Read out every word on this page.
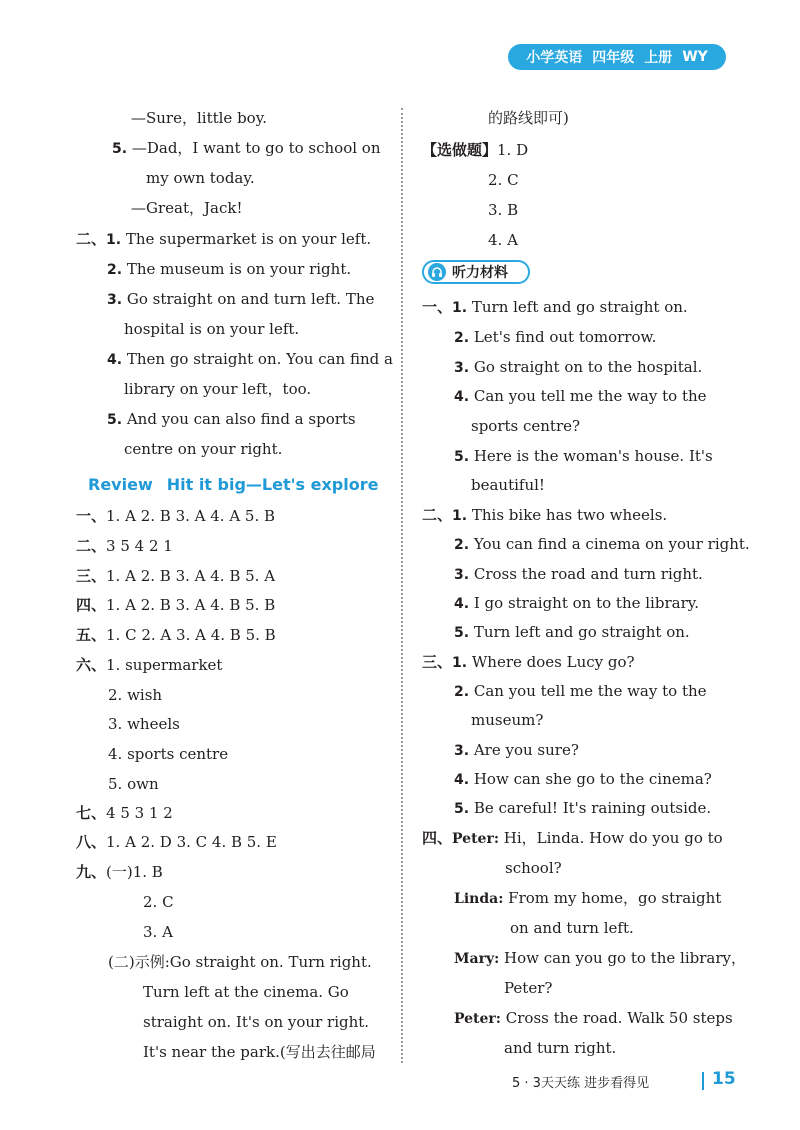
小学英语 四年级 上册 WY
—Sure，little boy.
5. —Dad，I want to go to school on
my own today.
—Great，Jack!
二、1. The supermarket is on your left.
2. The museum is on your right.
3. Go straight on and turn left. The
hospital is on your left.
4. Then go straight on. You can find a
library on your left，too.
5. And you can also find a sports
centre on your right.
Review Hit it big—Let's explore
一、1. A 2. B 3. A 4. A 5. B
二、3 5 4 2 1
三、1. A 2. B 3. A 4. B 5. A
四、1. A 2. B 3. A 4. B 5. B
五、1. C 2. A 3. A 4. B 5. B
六、1. supermarket
2. wish
3. wheels
4. sports centre
5. own
七、4 5 3 1 2
八、1. A 2. D 3. C 4. B 5. E
九、(一)1. B
2. C
3. A
(二)示例:Go straight on. Turn right.
Turn left at the cinema. Go
straight on. It's on your right.
It's near the park.(写出去往邮局
的路线即可)
【选做题】1. D
2. C
3. B
4. A
听力材料
一、1. Turn left and go straight on.
2. Let's find out tomorrow.
3. Go straight on to the hospital.
4. Can you tell me the way to the
sports centre?
5. Here is the woman's house. It's
beautiful!
二、1. This bike has two wheels.
2. You can find a cinema on your right.
3. Cross the road and turn right.
4. I go straight on to the library.
5. Turn left and go straight on.
三、1. Where does Lucy go?
2. Can you tell me the way to the
museum?
3. Are you sure?
4. How can she go to the cinema?
5. Be careful! It's raining outside.
四、Peter: Hi，Linda. How do you go to
school?
Linda: From my home，go straight
on and turn left.
Mary: How can you go to the library，
Peter?
Peter: Cross the road. Walk 50 steps
and turn right.
5 · 3天天练 进步看得见	15
